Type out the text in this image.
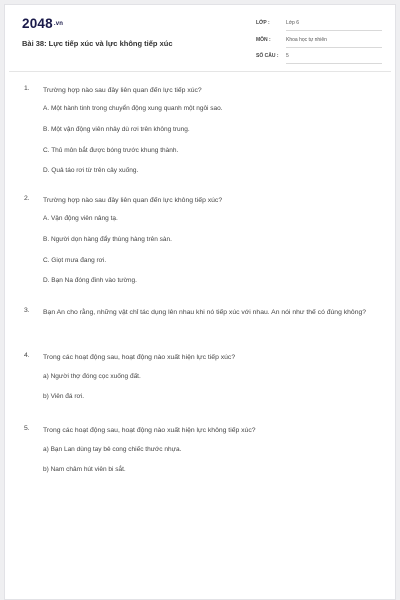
2048.vn
Bài 38: Lực tiếp xúc và lực không tiếp xúc
LỚP :	Lớp 6
MÔN :	Khoa học tự nhiên
SỐ CÂU : 5
1. Trường hợp nào sau đây liên quan đến lực tiếp xúc?
A. Một hành tinh trong chuyển động xung quanh một ngôi sao.
B. Một vận động viên nhảy dù rơi trên không trung.
C. Thủ môn bắt được bóng trước khung thành.
D. Quả táo rơi từ trên cây xuống.
2. Trường hợp nào sau đây liên quan đến lực không tiếp xúc?
A. Vận động viên nâng tạ.
B. Người dọn hàng đẩy thùng hàng trên sàn.
C. Giọt mưa đang rơi.
D. Bạn Na đóng đinh vào tường.
3. Bạn An cho rằng, những vật chỉ tác dụng lên nhau khi nó tiếp xúc với nhau. An nói như thế có đúng không?
4. Trong các hoạt động sau, hoạt động nào xuất hiện lực tiếp xúc?
a) Người thợ đóng cọc xuống đất.
b) Viên đá rơi.
5. Trong các hoạt động sau, hoạt động nào xuất hiện lực không tiếp xúc?
a) Bạn Lan dùng tay bẻ cong chiếc thước nhựa.
b) Nam châm hút viên bi sắt.
